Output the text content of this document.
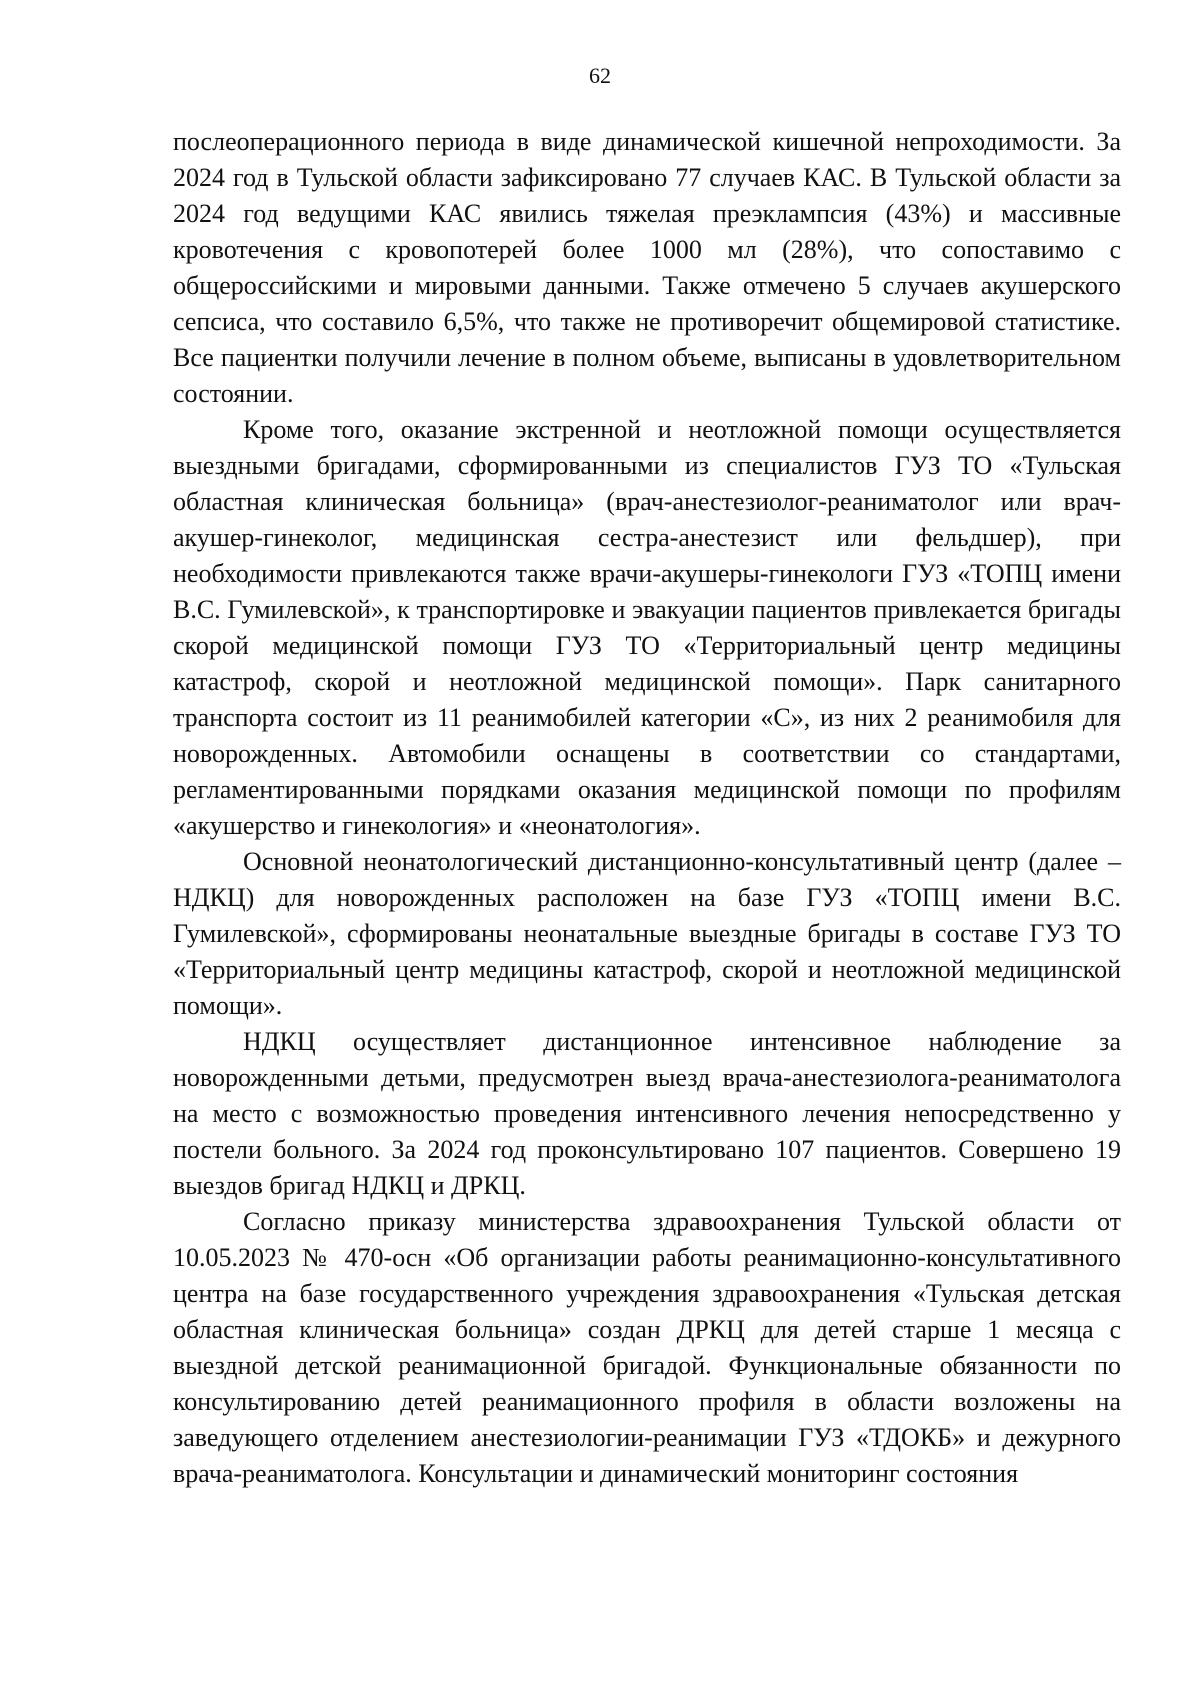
62

послеоперационного периода в виде динамической кишечной непроходимости. За 2024 год в Тульской области зафиксировано 77 случаев КАС. В Тульской области за 2024 год ведущими КАС явились тяжелая преэклампсия (43%) и массивные кровотечения с кровопотерей более 1000 мл (28%), что сопоставимо с общероссийскими и мировыми данными. Также отмечено 5 случаев акушерского сепсиса, что составило 6,5%, что также не противоречит общемировой статистике. Все пациентки получили лечение в полном объеме, выписаны в удовлетворительном состоянии.

Кроме того, оказание экстренной и неотложной помощи осуществляется выездными бригадами, сформированными из специалистов ГУЗ ТО «Тульская областная клиническая больница» (врач-анестезиолог-реаниматолог или врач-акушер-гинеколог, медицинская сестра-анестезист или фельдшер), при необходимости привлекаются также врачи-акушеры-гинекологи ГУЗ «ТОПЦ имени В.С. Гумилевской», к транспортировке и эвакуации пациентов привлекается бригады скорой медицинской помощи ГУЗ ТО «Территориальный центр медицины катастроф, скорой и неотложной медицинской помощи». Парк санитарного транспорта состоит из 11 реанимобилей категории «С», из них 2 реанимобиля для новорожденных. Автомобили оснащены в соответствии со стандартами, регламентированными порядками оказания медицинской помощи по профилям «акушерство и гинекология» и «неонатология».

Основной неонатологический дистанционно-консультативный центр (далее – НДКЦ) для новорожденных расположен на базе ГУЗ «ТОПЦ имени В.С. Гумилевской», сформированы неонатальные выездные бригады в составе ГУЗ ТО «Территориальный центр медицины катастроф, скорой и неотложной медицинской помощи».

НДКЦ осуществляет дистанционное интенсивное наблюдение за новорожденными детьми, предусмотрен выезд врача-анестезиолога-реаниматолога на место с возможностью проведения интенсивного лечения непосредственно у постели больного. За 2024 год проконсультировано 107 пациентов. Совершено 19 выездов бригад НДКЦ и ДРКЦ.

Согласно приказу министерства здравоохранения Тульской области от 10.05.2023 № 470-осн «Об организации работы реанимационно-консультативного центра на базе государственного учреждения здравоохранения «Тульская детская областная клиническая больница» создан ДРКЦ для детей старше 1 месяца с выездной детской реанимационной бригадой. Функциональные обязанности по консультированию детей реанимационного профиля в области возложены на заведующего отделением анестезиологии-реанимации ГУЗ «ТДОКБ» и дежурного врача-реаниматолога. Консультации и динамический мониторинг состояния
